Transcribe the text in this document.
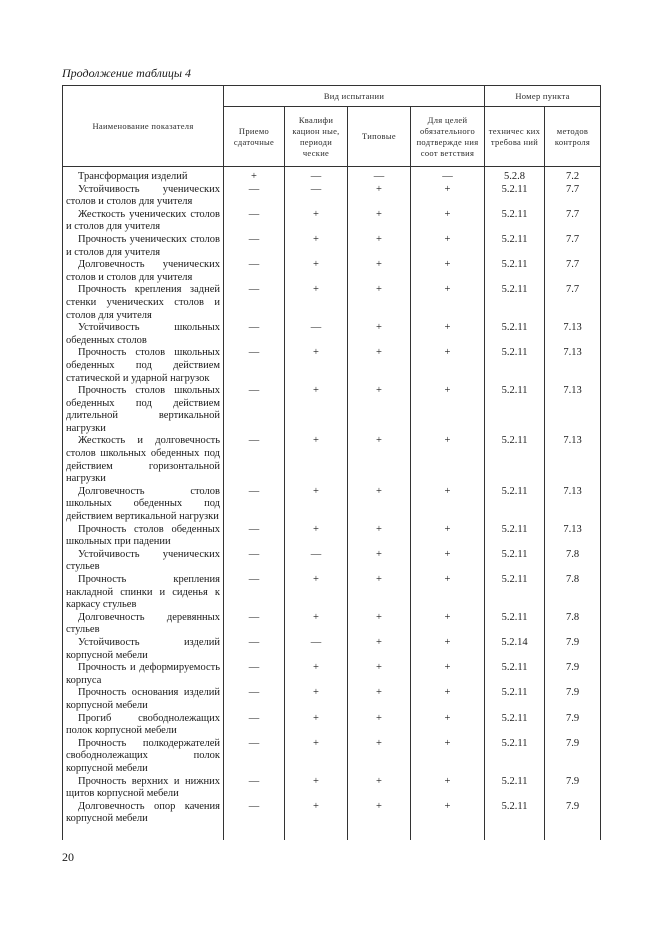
Продолжение таблицы 4
Наименование показателя	Вид испытании				Номер пункта	
	Приемо сдаточные	Квалифи кацион ные, периоди ческие	Типовые	Для целей обязательного подтвержде ния соот ветствия	техничес ких требова ний	методов контроля

Трансформация изделий	+	—	—	—	5.2.8	7.2
Устойчивость ученических столов и столов для учителя	—	—	+	+	5.2.11	7.7
Жесткость ученических столов и столов для учителя	—	+	+	+	5.2.11	7.7
Прочность ученических столов и столов для учителя	—	+	+	+	5.2.11	7.7
Долговечность ученических столов и столов для учителя	—	+	+	+	5.2.11	7.7
Прочность крепления задней стенки ученических столов и столов для учителя	—	+	+	+	5.2.11	7.7
Устойчивость школьных обеденных столов	—	—	+	+	5.2.11	7.13
Прочность столов школьных обеденных под действием статической и ударной нагрузок	—	+	+	+	5.2.11	7.13
Прочность столов школьных обеденных под действием длительной вертикальной нагрузки	—	+	+	+	5.2.11	7.13
Жесткость и долговечность столов школьных обеденных под действием горизонтальной нагрузки	—	+	+	+	5.2.11	7.13
Долговечность столов школьных обеденных под действием вертикальной нагрузки	—	+	+	+	5.2.11	7.13
Прочность столов обеденных школьных при падении	—	+	+	+	5.2.11	7.13
Устойчивость ученических стульев	—	—	+	+	5.2.11	7.8
Прочность крепления накладной спинки и сиденья к каркасу стульев	—	+	+	+	5.2.11	7.8
Долговечность деревянных стульев	—	+	+	+	5.2.11	7.8
Устойчивость изделий корпусной мебели	—	—	+	+	5.2.14	7.9
Прочность и деформируемость корпуса	—	+	+	+	5.2.11	7.9
Прочность основания изделий корпусной мебели	—	+	+	+	5.2.11	7.9
Прогиб свободнолежащих полок корпусной мебели	—	+	+	+	5.2.11	7.9
Прочность полкодержателей свободнолежащих полок корпусной мебели	—	+	+	+	5.2.11	7.9
Прочность верхних и нижних щитов корпусной мебели	—	+	+	+	5.2.11	7.9
Долговечность опор качения корпусной мебели	—	+	+	+	5.2.11	7.9

20
